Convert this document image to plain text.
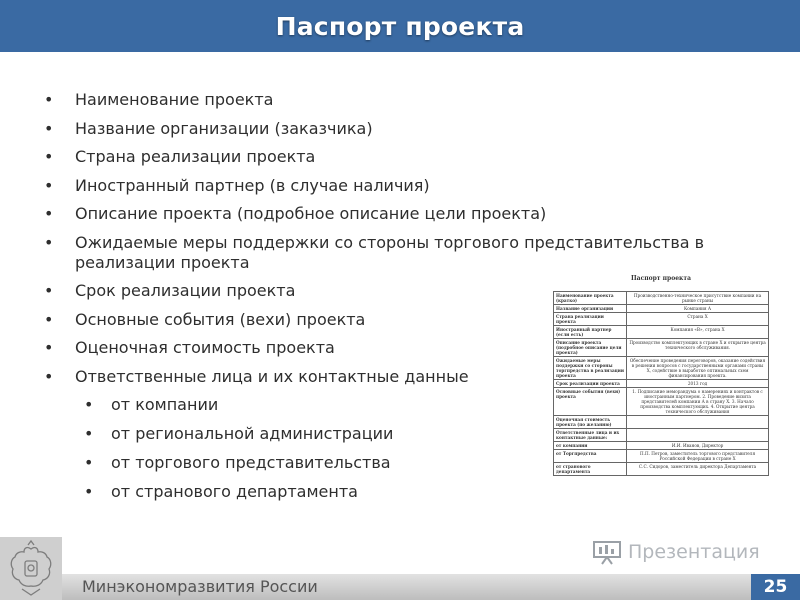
Паспорт проекта
• Наименование проекта
• Название организации (заказчика)
• Страна реализации проекта
• Иностранный партнер (в случае наличия)
• Описание проекта (подробное описание цели проекта)
• Ожидаемые меры поддержки со стороны торгового представительства в реализации проекта
• Срок реализации проекта
• Основные события (вехи) проекта
• Оценочная стоимость проекта
• Ответственные лица и их контактные данные
• от компании
• от региональной администрации
• от торгового представительства
• от странового департамента
Паспорт проекта
Наименование проекта (кратко)	Производственно-техническое присутствие компании на рынке страны
Название организации	Компания А
Страна реализации проекта	Страна Х
Иностранный партнер (если есть)	Компания «В», страна Х
Описание проекта (подробное описание цели проекта)	Производство комплектующих в стране Х и открытие центра технического обслуживания.
Ожидаемые меры поддержки со стороны торгпредства в реализации проекта	Обеспечение проведения переговоров, оказание содействия в решении вопросов с государственными органами страны Х, содействие в выработке оптимальных схем финансирования проекта.
Срок реализации проекта	2013 год
Основные события (вехи) проекта	1. Подписание меморандума о намерениях и контрактов с иностранным партнером. 2. Проведение визита представителей компании А в страну Х. 3. Начало производства комплектующих. 4. Открытие центра технического обслуживания
Оценочная стоимость проекта (по желанию)	
Ответственные лица и их контактные данные:	
от компании	И.И. Иванов, Директор
от Торгпредства	П.П. Петров, заместитель торгового представителя Российской Федерации в стране Х
от странового департамента	С.С. Сидоров, заместитель директора Департамента
Презентация
Минэкономразвития России	25
